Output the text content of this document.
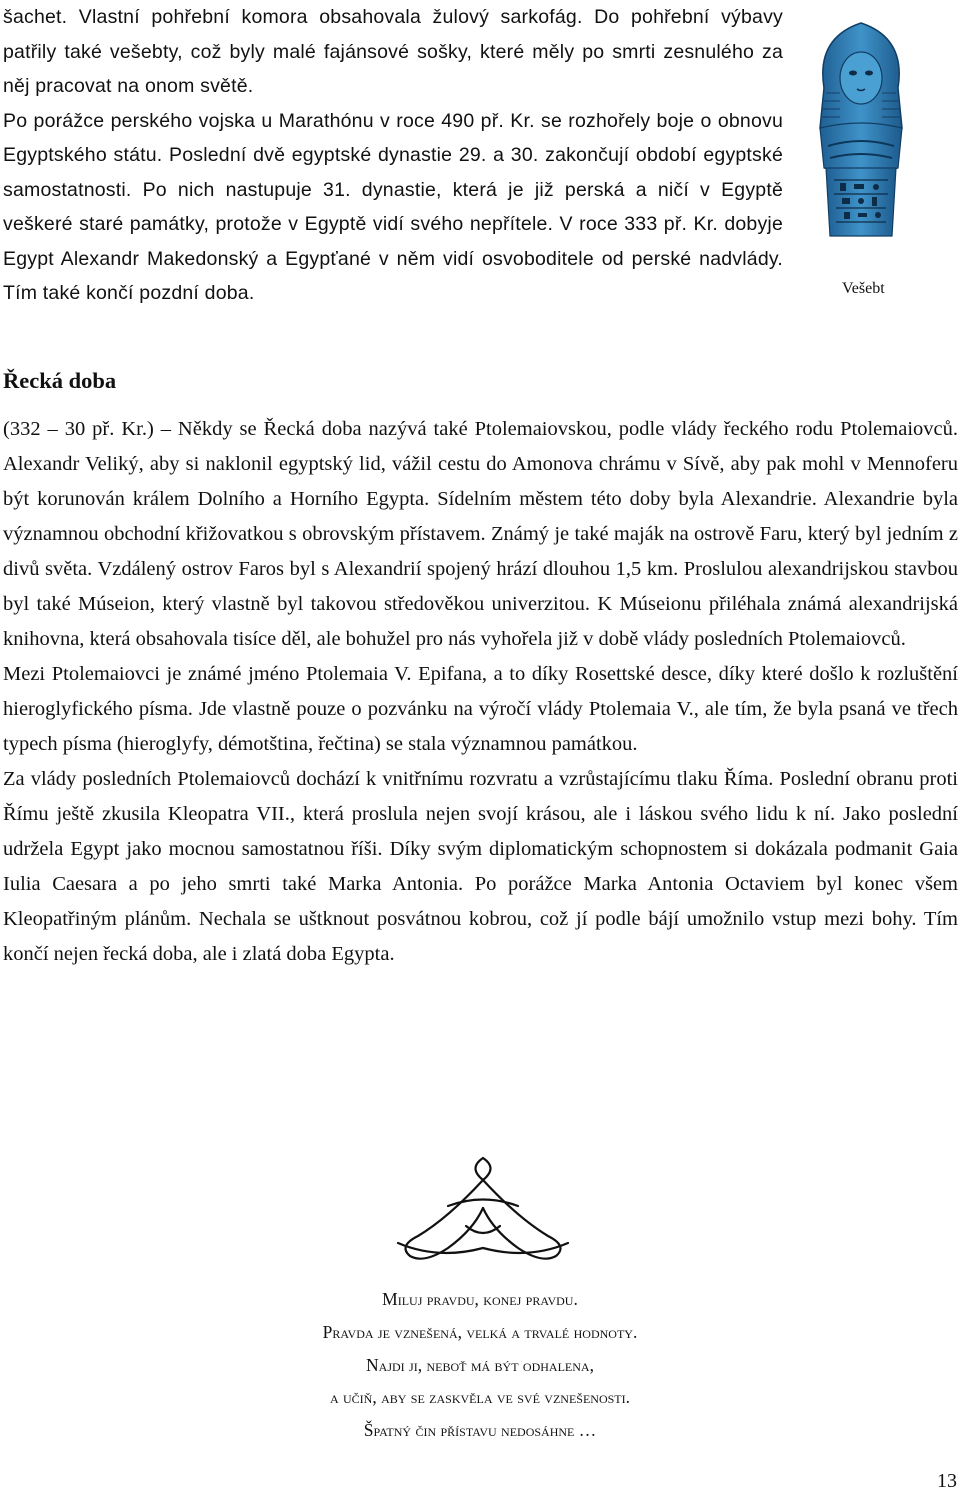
šachet. Vlastní pohřební komora obsahovala žulový sarkofág. Do pohřební výbavy patřily také vešebty, což byly malé fajánsové sošky, které měly po smrti zesnulého za něj pracovat na onom světě.

Po porážce perského vojska u Marathónu v roce 490 př. Kr. se rozhořely boje o obnovu Egyptského státu. Poslední dvě egyptské dynastie 29. a 30. zakončují období egyptské samostatnosti. Po nich nastupuje 31. dynastie, která je již perská a ničí v Egyptě veškeré staré památky, protože v Egyptě vidí svého nepřítele. V roce 333 př. Kr. dobyje Egypt Alexandr Makedonský a Egypťané v něm vidí osvoboditele od perské nadvlády. Tím také končí pozdní doba.	Vešebt
Řecká doba

(332 – 30 př. Kr.) – Někdy se Řecká doba nazývá také Ptolemaiovskou, podle vlády řeckého rodu Ptolemaiovců. Alexandr Veliký, aby si naklonil egyptský lid, vážil cestu do Amonova chrámu v Sívě, aby pak mohl v Mennoferu být korunován králem Dolního a Horního Egypta. Sídelním městem této doby byla Alexandrie. Alexandrie byla významnou obchodní křižovatkou s obrovským přístavem. Známý je také maják na ostrově Faru, který byl jedním z divů světa. Vzdálený ostrov Faros byl s Alexandrií spojený hrází dlouhou 1,5 km. Proslulou alexandrijskou stavbou byl také Múseion, který vlastně byl takovou středověkou univerzitou. K Múseionu přiléhala známá alexandrijská knihovna, která obsahovala tisíce děl, ale bohužel pro nás vyhořela již v době vlády posledních Ptolemaiovců.

Mezi Ptolemaiovci je známé jméno Ptolemaia V. Epifana, a to díky Rosettské desce, díky které došlo k rozluštění hieroglyfického písma. Jde vlastně pouze o pozvánku na výročí vlády Ptolemaia V., ale tím, že byla psaná ve třech typech písma (hieroglyfy, démotština, řečtina) se stala významnou památkou.

Za vlády posledních Ptolemaiovců dochází k vnitřnímu rozvratu a vzrůstajícímu tlaku Říma. Poslední obranu proti Římu ještě zkusila Kleopatra VII., která proslula nejen svojí krásou, ale i láskou svého lidu k ní. Jako poslední udržela Egypt jako mocnou samostatnou říši. Díky svým diplomatickým schopnostem si dokázala podmanit Gaia Iulia Caesara a po jeho smrti také Marka Antonia. Po porážce Marka Antonia Octaviem byl konec všem Kleopatřiným plánům. Nechala se uštknout posvátnou kobrou, což jí podle bájí umožnilo vstup mezi bohy. Tím končí nejen řecká doba, ale i zlatá doba Egypta.

Miluj pravdu, konej pravdu.
Pravda je vznešená, velká a trvalé hodnoty.
Najdi ji, neboť má být odhalena,
a učiň, aby se zaskvěla ve své vznešenosti.
Špatný čin přístavu nedosáhne …
13
